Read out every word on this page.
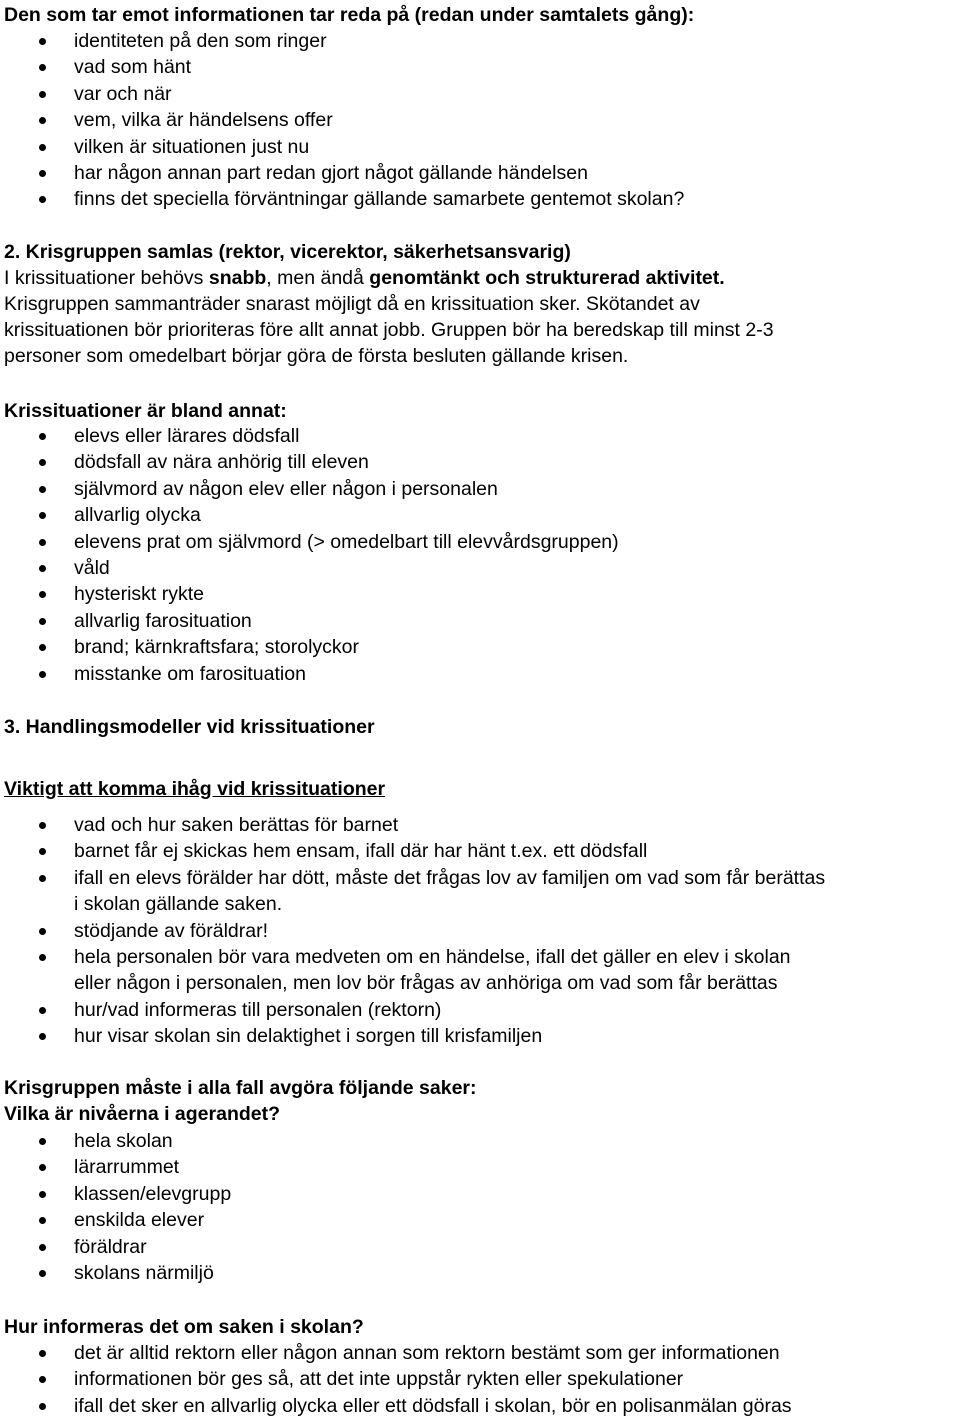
Den som tar emot informationen tar reda på (redan under samtalets gång):
identiteten på den som ringer
vad som hänt
var och när
vem, vilka är händelsens offer
vilken är situationen just nu
har någon annan part redan gjort något gällande händelsen
finns det speciella förväntningar gällande samarbete gentemot skolan?
2. Krisgruppen samlas (rektor, vicerektor, säkerhetsansvarig)
I krissituationer behövs snabb, men ändå genomtänkt och strukturerad aktivitet.
Krisgruppen sammanträder snarast möjligt då en krissituation sker. Skötandet av
krissituationen bör prioriteras före allt annat jobb. Gruppen bör ha beredskap till minst 2-3
personer som omedelbart börjar göra de första besluten gällande krisen.
Krissituationer är bland annat:
elevs eller lärares dödsfall
dödsfall av nära anhörig till eleven
självmord av någon elev eller någon i personalen
allvarlig olycka
elevens prat om självmord (> omedelbart till elevvårdsgruppen)
våld
hysteriskt rykte
allvarlig farosituation
brand; kärnkraftsfara; storolyckor
misstanke om farosituation
3. Handlingsmodeller vid krissituationer
Viktigt att komma ihåg vid krissituationer
vad och hur saken berättas för barnet
barnet får ej skickas hem ensam, ifall där har hänt t.ex. ett dödsfall
ifall en elevs förälder har dött, måste det frågas lov av familjen om vad som får berättas
i skolan gällande saken.
stödjande av föräldrar!
hela personalen bör vara medveten om en händelse, ifall det gäller en elev i skolan
eller någon i personalen, men lov bör frågas av anhöriga om vad som får berättas
hur/vad informeras till personalen (rektorn)
hur visar skolan sin delaktighet i sorgen till krisfamiljen
Krisgruppen måste i alla fall avgöra följande saker:
Vilka är nivåerna i agerandet?
hela skolan
lärarrummet
klassen/elevgrupp
enskilda elever
föräldrar
skolans närmiljö
Hur informeras det om saken i skolan?
det är alltid rektorn eller någon annan som rektorn bestämt som ger informationen
informationen bör ges så, att det inte uppstår rykten eller spekulationer
ifall det sker en allvarlig olycka eller ett dödsfall i skolan, bör en polisanmälan göras
